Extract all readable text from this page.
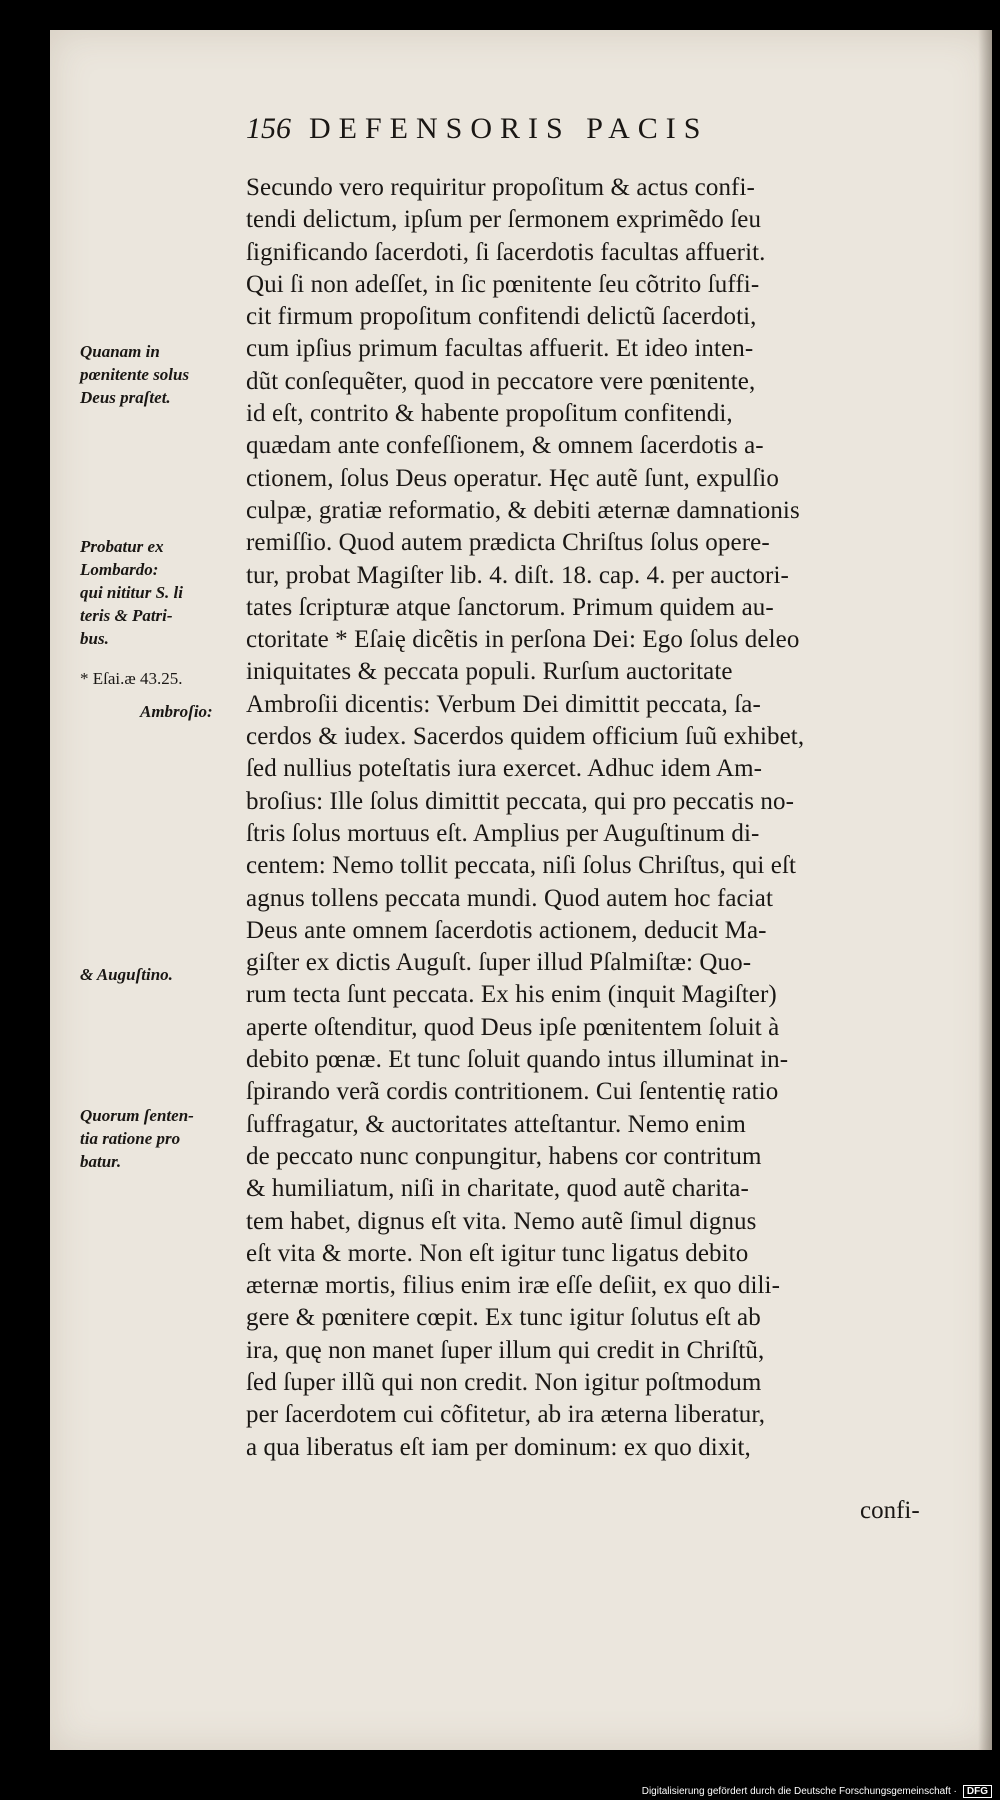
156 DEFENSORIS PACIS
Quanam in
pœnitente solus
Deus praſtet.
Probatur ex
Lombardo:
qui nititur S. li
teris & Patri-
bus.
* Eſai.æ 43.25.
Ambroſio:
& Auguſtino.
Quorum ſenten-
tia ratione pro
batur.
Secundo vero requiritur propoſitum & actus confi-
tendi delictum, ipſum per ſermonem exprimẽdo ſeu
ſignificando ſacerdoti, ſi ſacerdotis facultas affuerit.
Qui ſi non adeſſet, in ſic pœnitente ſeu cõtrito ſuffi-
cit firmum propoſitum confitendi delictũ ſacerdoti,
cum ipſius primum facultas affuerit. Et ideo inten-
dũt conſequẽter, quod in peccatore vere pœnitente,
id eſt, contrito & habente propoſitum confitendi,
quædam ante confeſſionem, & omnem ſacerdotis a-
ctionem, ſolus Deus operatur. Hęc autẽ ſunt, expulſio
culpæ, gratiæ reformatio, & debiti æternæ damnationis
remiſſio. Quod autem prædicta Chriſtus ſolus opere-
tur, probat Magiſter lib. 4. diſt. 18. cap. 4. per auctori-
tates ſcripturæ atque ſanctorum. Primum quidem au-
ctoritate * Eſaię dicẽtis in perſona Dei: Ego ſolus deleo
iniquitates & peccata populi. Rurſum auctoritate
Ambroſii dicentis: Verbum Dei dimittit peccata, ſa-
cerdos & iudex. Sacerdos quidem officium ſuũ exhibet,
ſed nullius poteſtatis iura exercet. Adhuc idem Am-
broſius: Ille ſolus dimittit peccata, qui pro peccatis no-
ſtris ſolus mortuus eſt. Amplius per Auguſtinum di-
centem: Nemo tollit peccata, niſi ſolus Chriſtus, qui eſt
agnus tollens peccata mundi. Quod autem hoc faciat
Deus ante omnem ſacerdotis actionem, deducit Ma-
giſter ex dictis Auguſt. ſuper illud Pſalmiſtæ: Quo-
rum tecta ſunt peccata. Ex his enim (inquit Magiſter)
aperte oſtenditur, quod Deus ipſe pœnitentem ſoluit à
debito pœnæ. Et tunc ſoluit quando intus illuminat in-
ſpirando verã cordis contritionem. Cui ſententię ratio
ſuffragatur, & auctoritates atteſtantur. Nemo enim
de peccato nunc conpungitur, habens cor contritum
& humiliatum, niſi in charitate, quod autẽ charita-
tem habet, dignus eſt vita. Nemo autẽ ſimul dignus
eſt vita & morte. Non eſt igitur tunc ligatus debito
æternæ mortis, filius enim iræ eſſe deſiit, ex quo dili-
gere & pœnitere cœpit. Ex tunc igitur ſolutus eſt ab
ira, quę non manet ſuper illum qui credit in Chriſtũ,
ſed ſuper illũ qui non credit. Non igitur poſtmodum
per ſacerdotem cui cõfitetur, ab ira æterna liberatur,
a qua liberatus eſt iam per dominum: ex quo dixit,
confi-
Digitalisierung gefördert durch die Deutsche Forschungsgemeinschaft ·	DFG
